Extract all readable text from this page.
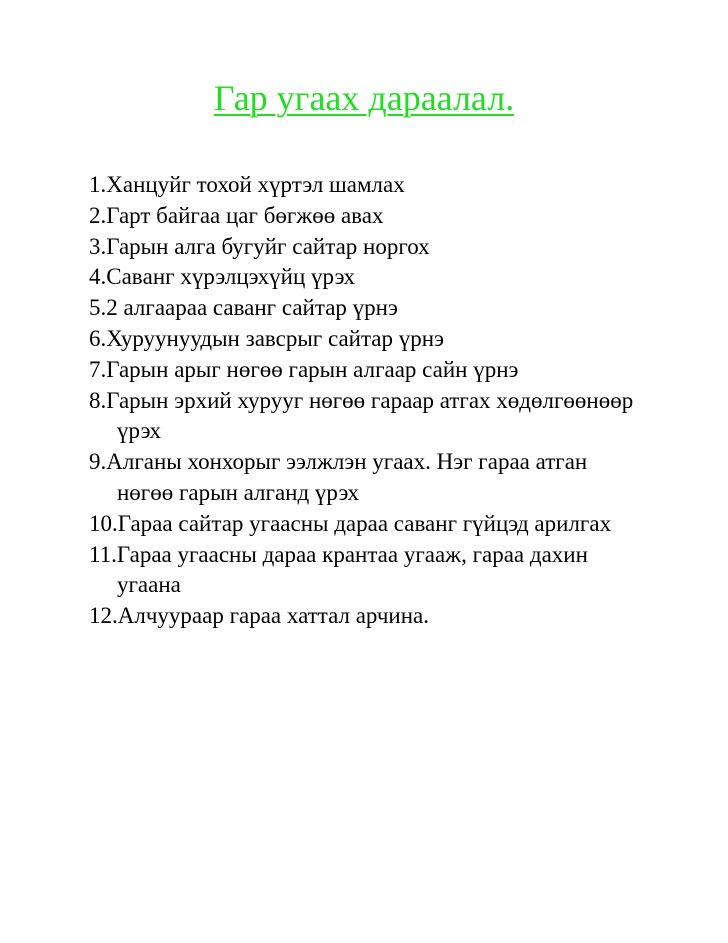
Гар угаах дараалал.
1.Ханцуйг тохой хүртэл шамлах
2.Гарт байгаа цаг бөгжөө авах
3.Гарын алга бугуйг сайтар норгох
4.Савaнг хүрэлцэхүйц үрэх
5.2 алгаараа саванг сайтар үрнэ
6.Хуруунуудын завсрыг сайтар үрнэ
7.Гарын арыг нөгөө гарын алгаар сайн үрнэ
8.Гарын эрхий хурууг нөгөө гараар атгах хөдөлгөөнөөр үрэх
9.Алганы хонхорыг ээлжлэн угаах. Нэг гараа атган нөгөө гарын алганд үрэх
10.Гараа сайтар угаасны дараа саванг гүйцэд арилгах
11.Гараа угаасны дараа крантаа угааж, гараа дахин угаана
12.Алчуураар гараа хаттал арчина.
